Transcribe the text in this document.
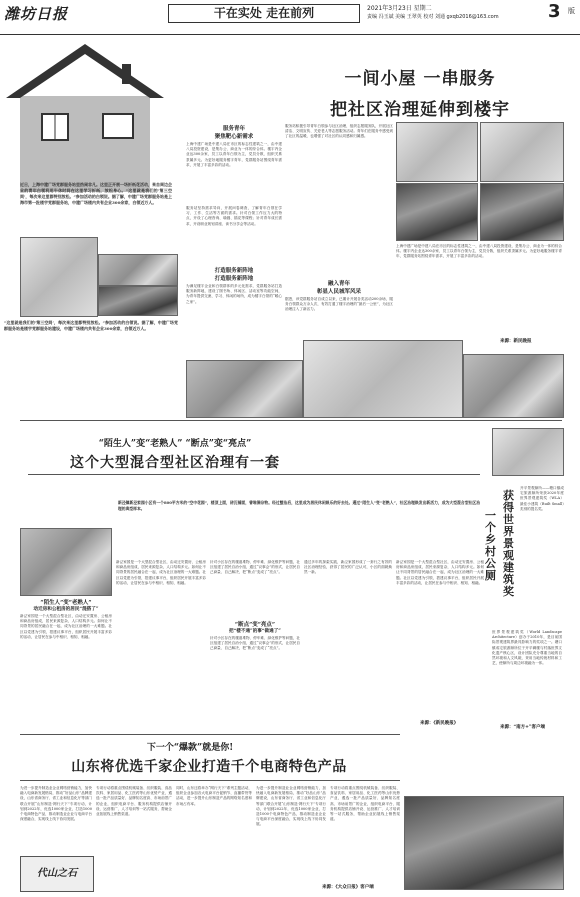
潍坊日报	干在实处 走在前列	2021年3月23日 星期二
责编 冯玉斌 美编 王翠英 校对 刘通 gxqb2016@163.com	3 版
近日，上海中建广场党群服务站里热闹非凡。这里正开展一场折纸花活动，来自周边企业的青年白领利用午休时间在这里学习折纸，放松身心。“这里就是我们的‘第三空间’，每次来这里都特别放松。”参加活动的白领说。据了解，中建广场党群服务站是上海市第一批楼宇党群服务站，中建广场楼内共有企业300余家，白领近万人。
一间小屋 一串服务
把社区治理延伸到楼宇
“这里就是我们的‘第三空间’，每次来这里都特别放松。”参加活动的白领说。据了解，中建广场党群服务站是楼宇党群服务站建设，中建广场楼内共有企业300余家，白领近万人。
服务青年
聚焦靶心新需求
上海中建广场是中建八局在市区的标志性建筑之一，由中建八局投资建设，是集办公、商业为一体的综合体。楼宇内企业达300余家，员工以青年白领为主，党员分散，组织关系隶属多元。为更好地服务楼宇青年，党群服务站围绕青年需求，开展了丰富多彩的活动。
服务站坚持需求导向，开展问卷调查，了解青年白领在学习、工作、生活等方面的需求。针对白领工作压力大的特点，开设了心理咨询、瑜伽、插花等课程；针对青年成长需求，开设职业规划讲座、读书分享会等活动。
打造服务新阵地
打造服务新阵地
为满足楼宇企业和白领群体的多元化需求，党群服务站打造服务新阵地，建设了图书角、休闲区、活动室等功能空间，为青年提供交流、学习、休闲的场所，成为楼宇白领的“暖心之家”。
服务站积极引导青年白领参与社区治理，组织志愿服务队，开展社区清洁、文明宣传、关爱老人等志愿服务活动。青年们在服务中感受到了社区的温暖，也增强了对社区的认同感和归属感。
融入青年
彰显人民城军风采
据悉，该党群服务站自成立以来，已累计开展各类活动200余场，服务白领群众万余人次，有效打通了楼宇治理的“最后一公里”，为社区治理注入了新活力。
上海中建广场是中建八局在市区的标志性建筑之一，由中建八局投资建设，是集办公、商业为一体的综合体。楼宇内企业达300余家，员工以青年白领为主，党员分散，组织关系隶属多元。为更好地服务楼宇青年，党群服务站围绕青年需求，开展了丰富多彩的活动。
来源：新民晚报
“陌生人”变“老熟人” “断点”变“亮点”
这个大型混合型社区治理有一套
新泾镇新泾家园小区有一个800平方米的“空中花园”，楼顶上面，砖瓦铺面，曾堆满杂物。经过整治后，这里成为居民休闲娱乐的好去处。通过“陌生人”变“老熟人”，社区治理焕发出新活力，成为大型混合型社区治理的典型样本。
“陌生人”变“老熟人”
动迁房和公租房的居民“混搭了”
新泾家园是一个大型混合型社区，由动迁安置房、公租房和商品房组成，居民来源复杂，人口结构多元。如何让不同背景的居民融合在一起，成为社区治理的一大难题。社区以党建为引领，搭建议事平台，组织居民开展丰富多彩的活动，让居民在参与中相识、相知、相融。
新泾家园是一个大型混合型社区，由动迁安置房、公租房和商品房组成，居民来源复杂，人口结构多元。如何让不同背景的居民融合在一起，成为社区治理的一大难题。社区以党建为引领，搭建议事平台，组织居民开展丰富多彩的活动，让居民在参与中相识、相知、相融。
针对小区存在的楼道堆物、停车难、绿化维护等问题，社区组建了居民自治小组，通过“议事会”的形式，让居民自己商量、自己解决，把“断点”变成了“亮点”。
“断点”变“亮点”
把“楼不通”的事“做通了”
针对小区存在的楼道堆物、停车难、绿化维护等问题，社区组建了居民自治小组，通过“议事会”的形式，让居民自己商量、自己解决，把“断点”变成了“亮点”。
通过多年的探索实践，新泾家园形成了一套行之有效的社区治理经验，获得了居民的广泛认可，小区的面貌焕然一新。
新泾家园是一个大型混合型社区，由动迁安置房、公租房和商品房组成，居民来源复杂，人口结构多元。如何让不同背景的居民融合在一起，成为社区治理的一大难题。社区以党建为引领，搭建议事平台，组织居民开展丰富多彩的活动，让居民在参与中相识、相知、相融。
来源：《新民晚报》
获得世界景观建筑奖
一个乡村公厕
开平景观厕所——塘口镇成宅旅游厕所荣获2020年度世界景观建筑奖（WLA）最佳小建筑（Built Small）类别的提名奖。
世界景观建筑奖（World Landscape Architecture）创办于2010年，是目前国际景观建筑界最具影响力的奖项之一。塘口镇成宅旅游厕所位于开平碉楼与村落世界文化遗产核心区，设计团队充分尊重当地的自然环境和人文风貌，采用当地传统材料和工艺，使厕所与周边环境融为一体。
来源：“南方+”客户端
下一个“爆款”就是你!
山东将优选千家企业打造千个电商特色产品
为进一步提升制造业企业网络营销能力，加快融入电商新发展格局，推动“好品山东”品牌建设，山东省商务厅、省工业和信息化厅等部门联合开展“山东制造·网行天下”专项行动，计划到2022年，优选1000家企业，打造1000个电商特色产品，推动制造业企业与电商平台深度融合，实现线上线下协同发展。
专项行动将重点围绕机械装备、纺织服装、食品饮料、家居用品、化工医药等山东优势产业，遴选一批产品质量好、品牌知名度高、市场前景广的企业，组织电商平台、服务机构提供店铺开设、运营推广、人才培训等一站式服务，帮助企业拓展线上销售渠道。
同时，山东还将举办“网行天下”系列主题活动，组织企业参加各大电商平台促销节、直播带货等活动，进一步提升山东制造产品的网络知名度和市场占有率。
为进一步提升制造业企业网络营销能力，加快融入电商新发展格局，推动“好品山东”品牌建设，山东省商务厅、省工业和信息化厅等部门联合开展“山东制造·网行天下”专项行动，计划到2022年，优选1000家企业，打造1000个电商特色产品，推动制造业企业与电商平台深度融合，实现线上线下协同发展。
专项行动将重点围绕机械装备、纺织服装、食品饮料、家居用品、化工医药等山东优势产业，遴选一批产品质量好、品牌知名度高、市场前景广的企业，组织电商平台、服务机构提供店铺开设、运营推广、人才培训等一站式服务，帮助企业拓展线上销售渠道。
来源：《大众日报》客户端
代山之石
